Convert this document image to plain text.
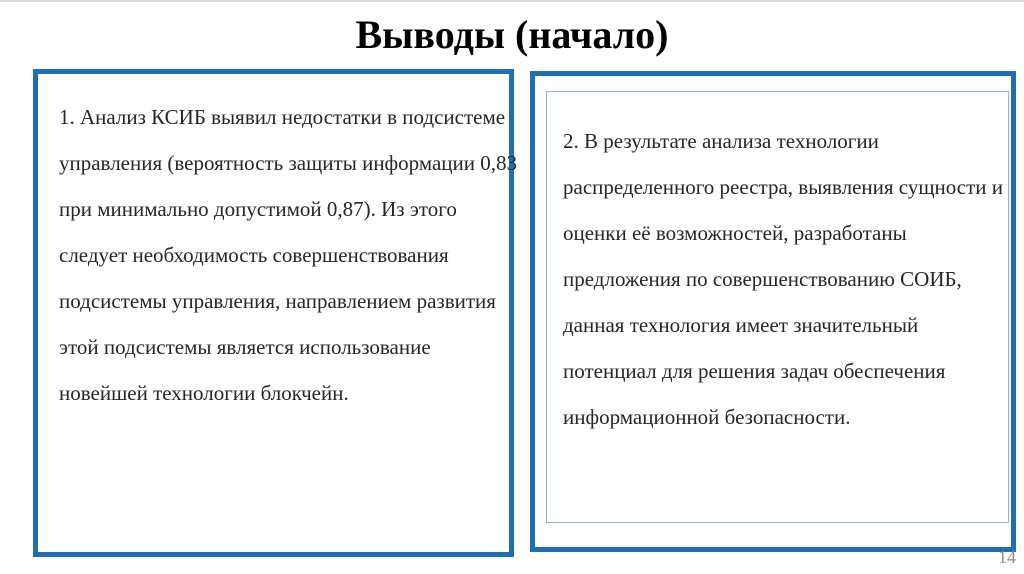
Выводы (начало)

1. Анализ КСИБ выявил недостатки в подсистеме управления (вероятность защиты информации 0,83 при минимально допустимой 0,87). Из этого следует необходимость совершенствования подсистемы управления, направлением развития этой подсистемы является использование новейшей технологии блокчейн.

2. В результате анализа технологии распределенного реестра, выявления сущности и оценки её возможностей, разработаны предложения по совершенствованию СОИБ, данная технология имеет значительный потенциал для решения задач обеспечения информационной безопасности.

14
